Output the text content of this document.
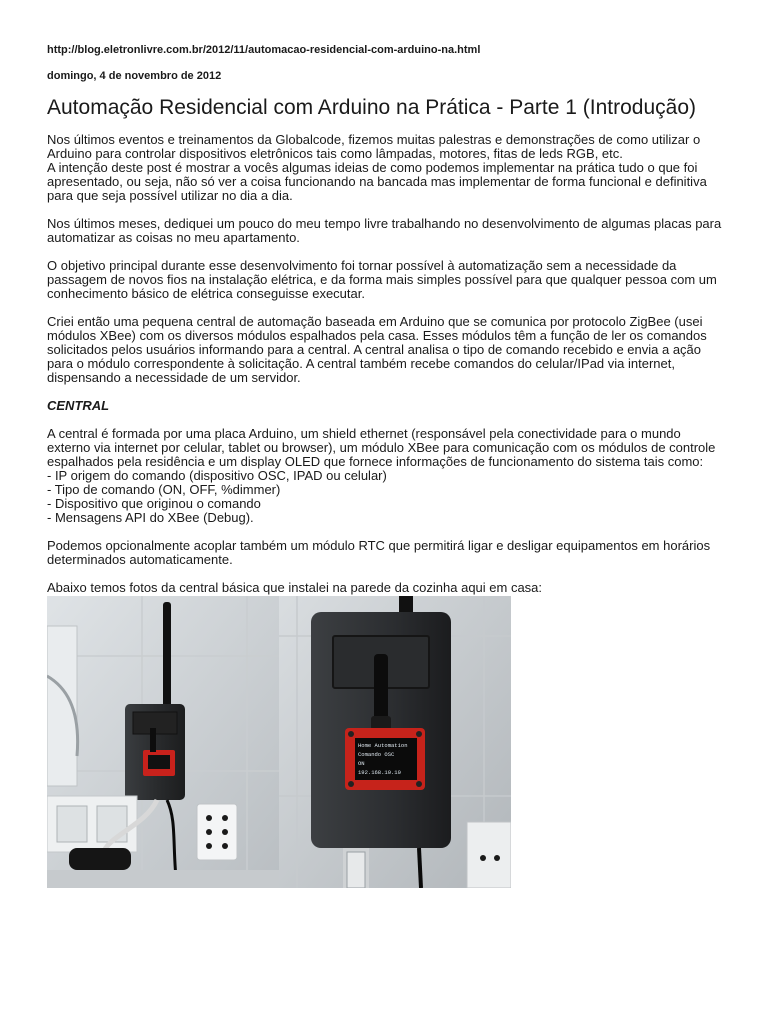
http://blog.eletronlivre.com.br/2012/11/automacao-residencial-com-arduino-na.html
domingo, 4 de novembro de 2012
Automação Residencial com Arduino na Prática - Parte 1 (Introdução)

Nos últimos eventos e treinamentos da Globalcode, fizemos muitas palestras e demonstrações de como utilizar o
Arduino para controlar dispositivos eletrônicos tais como lâmpadas, motores, fitas de leds RGB, etc.
A intenção deste post é mostrar a vocês algumas ideias de como podemos implementar na prática tudo o que foi
apresentado, ou seja, não só ver a coisa funcionando na bancada mas implementar de forma funcional e definitiva
para que seja possível utilizar no dia a dia.

Nos últimos meses, dediquei um pouco do meu tempo livre trabalhando no desenvolvimento de algumas placas para
automatizar as coisas no meu apartamento.

O objetivo principal durante esse desenvolvimento foi tornar possível à automatização sem a necessidade da
passagem de novos fios na instalação elétrica, e da forma mais simples possível para que qualquer pessoa com um
conhecimento básico de elétrica conseguisse executar.

Criei então uma pequena central de automação baseada em Arduino que se comunica por protocolo ZigBee (usei
módulos XBee) com os diversos módulos espalhados pela casa. Esses módulos têm a função de ler os comandos
solicitados pelos usuários informando para a central. A central analisa o tipo de comando recebido e envia a ação
para o módulo correspondente à solicitação. A central também recebe comandos do celular/IPad via internet,
dispensando a necessidade de um servidor.

CENTRAL

A central é formada por uma placa Arduino, um shield ethernet (responsável pela conectividade para o mundo
externo via internet por celular, tablet ou browser), um módulo XBee para comunicação com os módulos de controle
espalhados pela residência e um display OLED que fornece informações de funcionamento do sistema tais como:
- IP origem do comando (dispositivo OSC, IPAD ou celular)
- Tipo de comando (ON, OFF, %dimmer)
- Dispositivo que originou o comando
- Mensagens API do XBee (Debug).

Podemos opcionalmente acoplar também um módulo RTC que permitirá ligar e desligar equipamentos em horários
determinados automaticamente.

Abaixo temos fotos da central básica que instalei na parede da cozinha aqui em casa:

Home Automation
Comando OSC
ON
192.168.10.10
